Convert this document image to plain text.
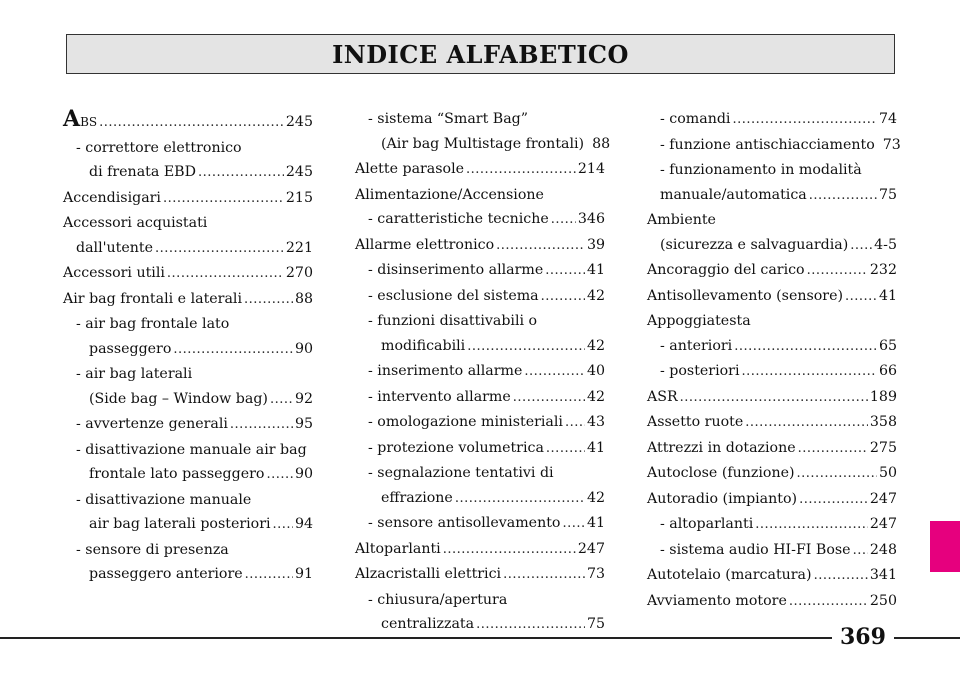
INDICE ALFABETICO
ABS .....	245
- correttore elettronico
di frenata EBD .....	245
Accendisigari .....	215
Accessori acquistati
dall'utente .....	221
Accessori utili .....	270
Air bag frontali e laterali .....	88
- air bag frontale lato
passeggero .....	90
- air bag laterali
(Side bag – Window bag) ..... 92
- avvertenze generali .....	95
- disattivazione manuale air bag
frontale lato passeggero ..... 90
- disattivazione manuale
air bag laterali posteriori ..... 94
- sensore di presenza
passeggero anteriore .....	91
- sistema “Smart Bag”
(Air bag Multistage frontali) 88
Alette parasole .....	214
Alimentazione/Accensione
- caratteristiche tecniche ..... 346
Allarme elettronico .....	39
- disinserimento allarme .....	41
- esclusione del sistema .....	42
- funzioni disattivabili o
modificabili .....	42
- inserimento allarme .....	40
- intervento allarme .....	42
- omologazione ministeriali ..... 43
- protezione volumetrica .....	41
- segnalazione tentativi di
effrazione .....	42
- sensore antisollevamento ..... 41
Altoparlanti .....	247
Alzacristalli elettrici .....	73
- chiusura/apertura
centralizzata .....	75
- comandi .....	74
- funzione antischiacciamento 73
- funzionamento in modalità
manuale/automatica .....	75
Ambiente
(sicurezza e salvaguardia) ..... 4-5
Ancoraggio del carico .....	232
Antisollevamento (sensore) .....	41
Appoggiatesta
- anteriori .....	65
- posteriori .....	66
ASR .....	189
Assetto ruote .....	358
Attrezzi in dotazione .....	275
Autoclose (funzione) .....	50
Autoradio (impianto) .....	247
- altoparlanti .....	247
- sistema audio HI-FI Bose ..... 248
Autotelaio (marcatura) .....	341
Avviamento motore .....	250
369
